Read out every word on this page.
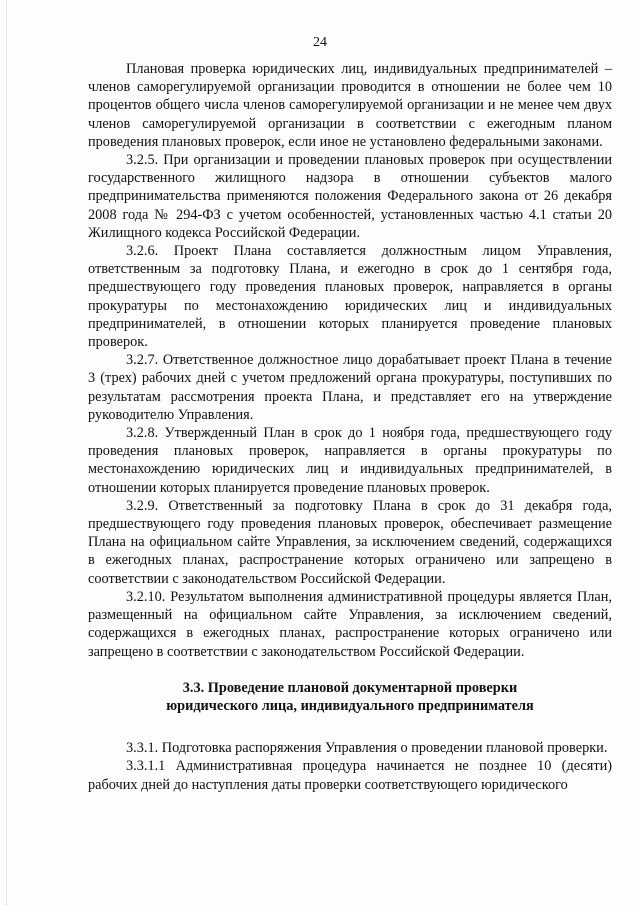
24

Плановая проверка юридических лиц, индивидуальных предпринимателей – членов саморегулируемой организации проводится в отношении не более чем 10 процентов общего числа членов саморегулируемой организации и не менее чем двух членов саморегулируемой организации в соответствии с ежегодным планом проведения плановых проверок, если иное не установлено федеральными законами.

3.2.5. При организации и проведении плановых проверок при осуществлении государственного жилищного надзора в отношении субъектов малого предпринимательства применяются положения Федерального закона от 26 декабря 2008 года № 294-ФЗ с учетом особенностей, установленных частью 4.1 статьи 20 Жилищного кодекса Российской Федерации.

3.2.6. Проект Плана составляется должностным лицом Управления, ответственным за подготовку Плана, и ежегодно в срок до 1 сентября года, предшествующего году проведения плановых проверок, направляется в органы прокуратуры по местонахождению юридических лиц и индивидуальных предпринимателей, в отношении которых планируется проведение плановых проверок.

3.2.7. Ответственное должностное лицо дорабатывает проект Плана в течение 3 (трех) рабочих дней с учетом предложений органа прокуратуры, поступивших по результатам рассмотрения проекта Плана, и представляет его на утверждение руководителю Управления.

3.2.8. Утвержденный План в срок до 1 ноября года, предшествующего году проведения плановых проверок, направляется в органы прокуратуры по местонахождению юридических лиц и индивидуальных предпринимателей, в отношении которых планируется проведение плановых проверок.

3.2.9. Ответственный за подготовку Плана в срок до 31 декабря года, предшествующего году проведения плановых проверок, обеспечивает размещение Плана на официальном сайте Управления, за исключением сведений, содержащихся в ежегодных планах, распространение которых ограничено или запрещено в соответствии с законодательством Российской Федерации.

3.2.10. Результатом выполнения административной процедуры является План, размещенный на официальном сайте Управления, за исключением сведений, содержащихся в ежегодных планах, распространение которых ограничено или запрещено в соответствии с законодательством Российской Федерации.

3.3. Проведение плановой документарной проверки
юридического лица, индивидуального предпринимателя

3.3.1. Подготовка распоряжения Управления о проведении плановой проверки.

3.3.1.1 Административная процедура начинается не позднее 10 (десяти) рабочих дней до наступления даты проверки соответствующего юридического
